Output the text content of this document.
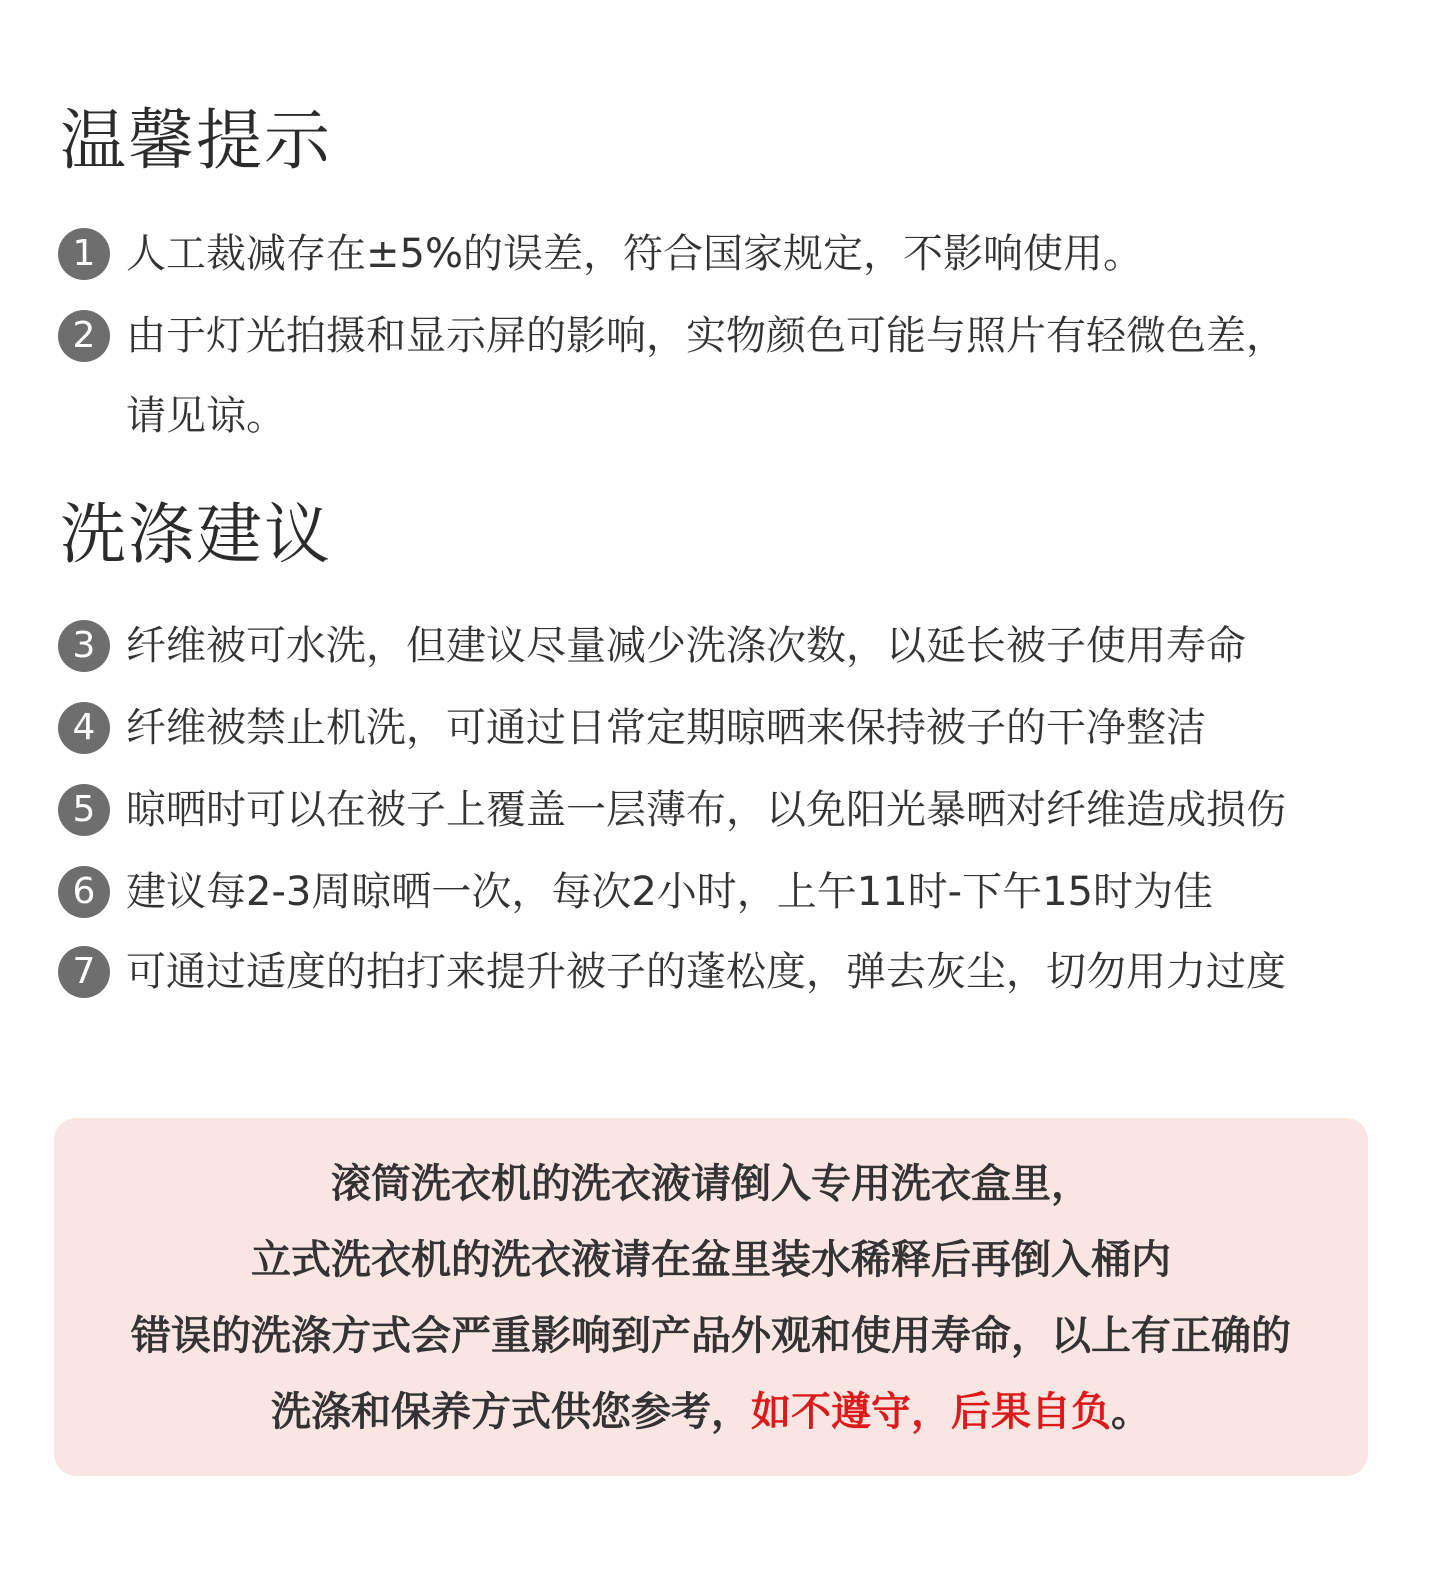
温馨提示
1 人工裁减存在±5%的误差，符合国家规定，不影响使用。
2 由于灯光拍摄和显示屏的影响，实物颜色可能与照片有轻微色差，
请见谅。
洗涤建议
3 纤维被可水洗，但建议尽量减少洗涤次数，以延长被子使用寿命
4 纤维被禁止机洗，可通过日常定期晾晒来保持被子的干净整洁
5 晾晒时可以在被子上覆盖一层薄布，以免阳光暴晒对纤维造成损伤
6 建议每2-3周晾晒一次，每次2小时，上午11时-下午15时为佳
7 可通过适度的拍打来提升被子的蓬松度，弹去灰尘，切勿用力过度
滚筒洗衣机的洗衣液请倒入专用洗衣盒里，
立式洗衣机的洗衣液请在盆里装水稀释后再倒入桶内
错误的洗涤方式会严重影响到产品外观和使用寿命，以上有正确的
洗涤和保养方式供您参考，如不遵守，后果自负。
